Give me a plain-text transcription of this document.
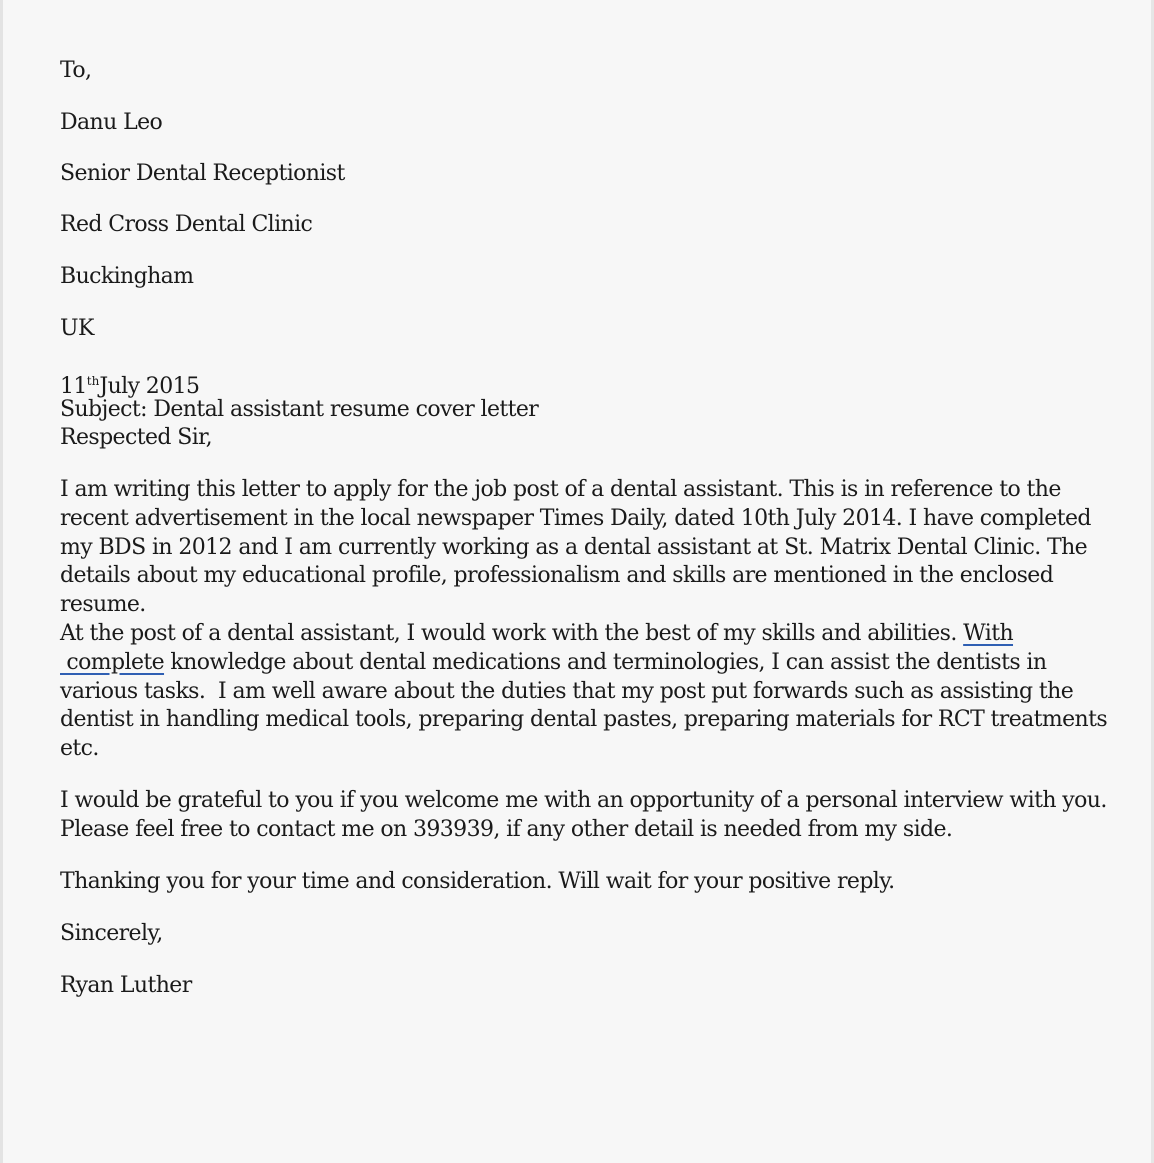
To,
Danu Leo
Senior Dental Receptionist
Red Cross Dental Clinic
Buckingham
UK
11thJuly 2015
Subject: Dental assistant resume cover letter
Respected Sir,
I am writing this letter to apply for the job post of a dental assistant. This is in reference to the
recent advertisement in the local newspaper Times Daily, dated 10th July 2014. I have completed
my BDS in 2012 and I am currently working as a dental assistant at St. Matrix Dental Clinic. The
details about my educational profile, professionalism and skills are mentioned in the enclosed
resume.
At the post of a dental assistant, I would work with the best of my skills and abilities. With
complete knowledge about dental medications and terminologies, I can assist the dentists in
various tasks.  I am well aware about the duties that my post put forwards such as assisting the
dentist in handling medical tools, preparing dental pastes, preparing materials for RCT treatments
etc.
I would be grateful to you if you welcome me with an opportunity of a personal interview with you.
Please feel free to contact me on 393939, if any other detail is needed from my side.
Thanking you for your time and consideration. Will wait for your positive reply.
Sincerely,
Ryan Luther
